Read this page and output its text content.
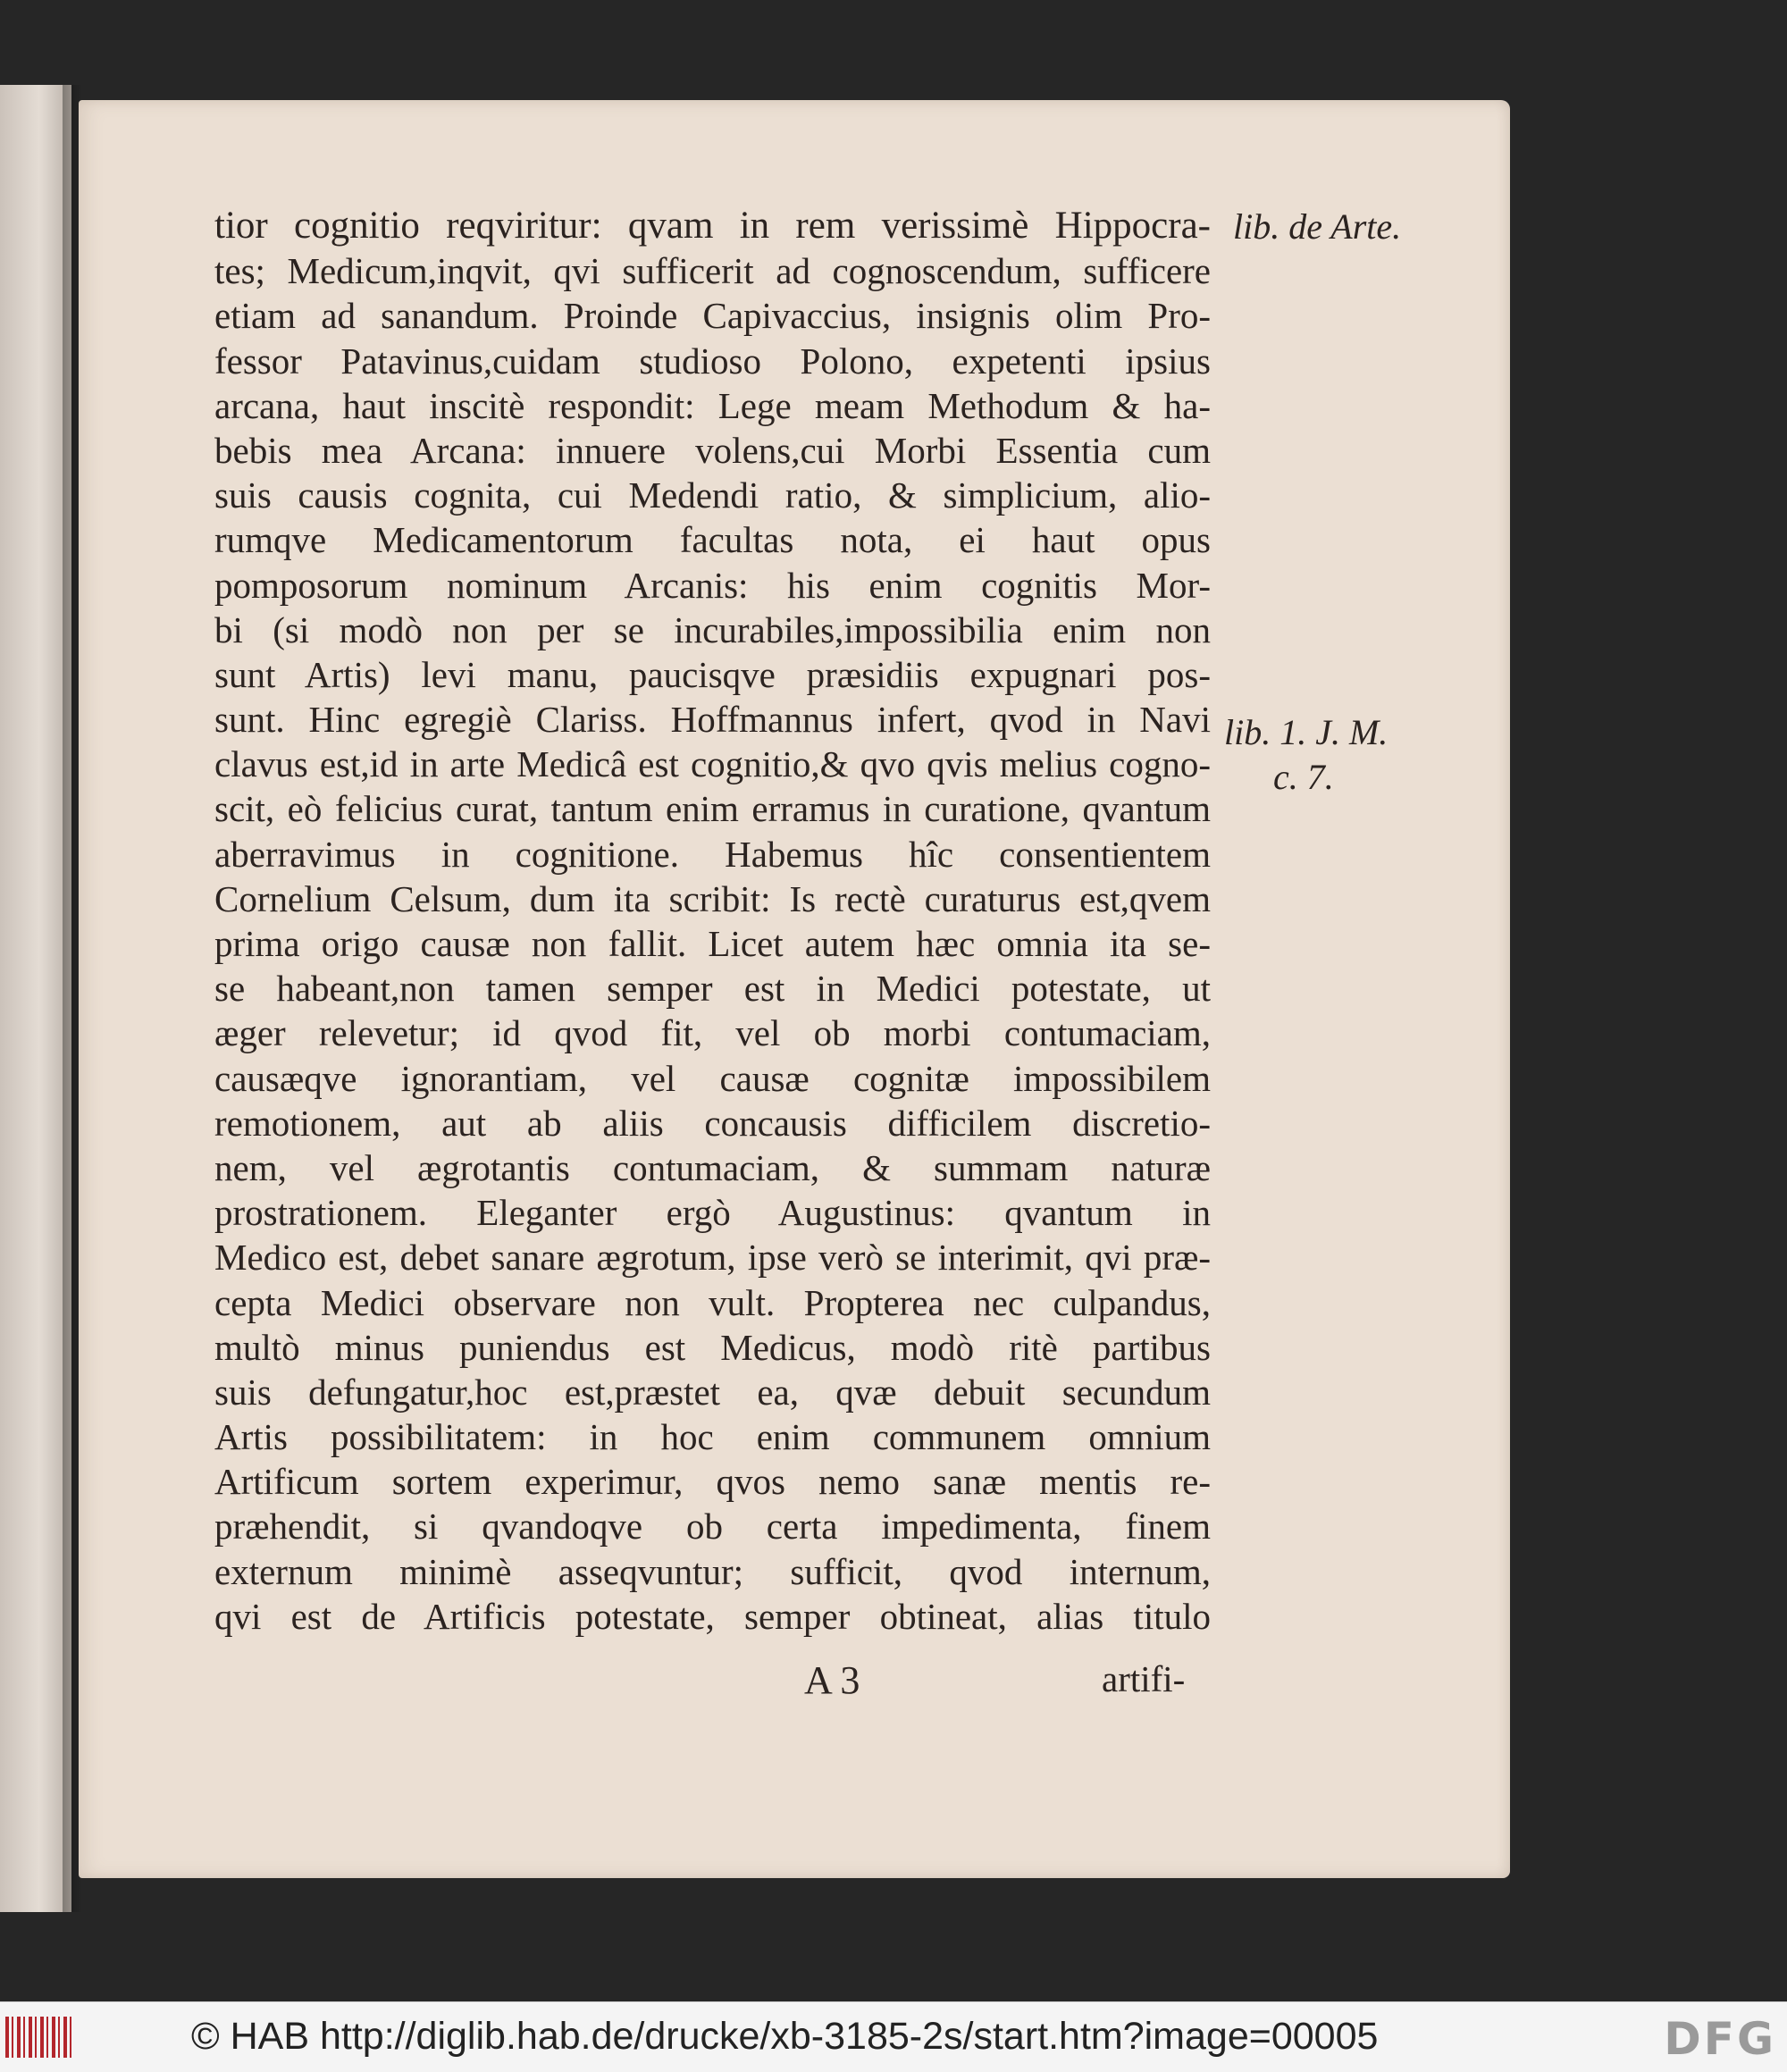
tior cognitio reqviritur: qvam in rem verissimè Hippocra-
tes; Medicum,inqvit, qvi sufficerit ad cognoscendum, sufficere
etiam ad sanandum. Proinde Capivaccius, insignis olim Pro-
fessor Patavinus,cuidam studioso Polono, expetenti ipsius
arcana, haut inscitè respondit: Lege meam Methodum & ha-
bebis mea Arcana: innuere volens,cui Morbi Essentia cum
suis causis cognita, cui Medendi ratio, & simplicium, alio-
rumqve Medicamentorum facultas nota, ei haut opus
pomposorum nominum Arcanis: his enim cognitis Mor-
bi (si modò non per se incurabiles,impossibilia enim non
sunt Artis) levi manu, paucisqve præsidiis expugnari pos-
sunt. Hinc egregiè Clariss. Hoffmannus infert, qvod in Navi
clavus est,id in arte Medicâ est cognitio,& qvo qvis melius cogno-
scit, eò felicius curat, tantum enim erramus in curatione, qvantum
aberravimus in cognitione. Habemus hîc consentientem
Cornelium Celsum, dum ita scribit: Is rectè curaturus est,qvem
prima origo causæ non fallit. Licet autem hæc omnia ita se-
se habeant,non tamen semper est in Medici potestate, ut
æger relevetur; id qvod fit, vel ob morbi contumaciam,
causæqve ignorantiam, vel causæ cognitæ impossibilem
remotionem, aut ab aliis concausis difficilem discretio-
nem, vel ægrotantis contumaciam, & summam naturæ
prostrationem. Eleganter ergò Augustinus: qvantum in
Medico est, debet sanare ægrotum, ipse verò se interimit, qvi præ-
cepta Medici observare non vult. Propterea nec culpandus,
multò minus puniendus est Medicus, modò ritè partibus
suis defungatur,hoc est,præstet ea, qvæ debuit secundum
Artis possibilitatem: in hoc enim communem omnium
Artificum sortem experimur, qvos nemo sanæ mentis re-
præhendit, si qvandoqve ob certa impedimenta, finem
externum minimè asseqvuntur; sufficit, qvod internum,
qvi est de Artificis potestate, semper obtineat, alias titulo
lib. de Arte.
lib. 1. J. M.
c. 7.
A 3	artifi-
© HAB http://diglib.hab.de/drucke/xb-3185-2s/start.htm?image=00005	DFG
